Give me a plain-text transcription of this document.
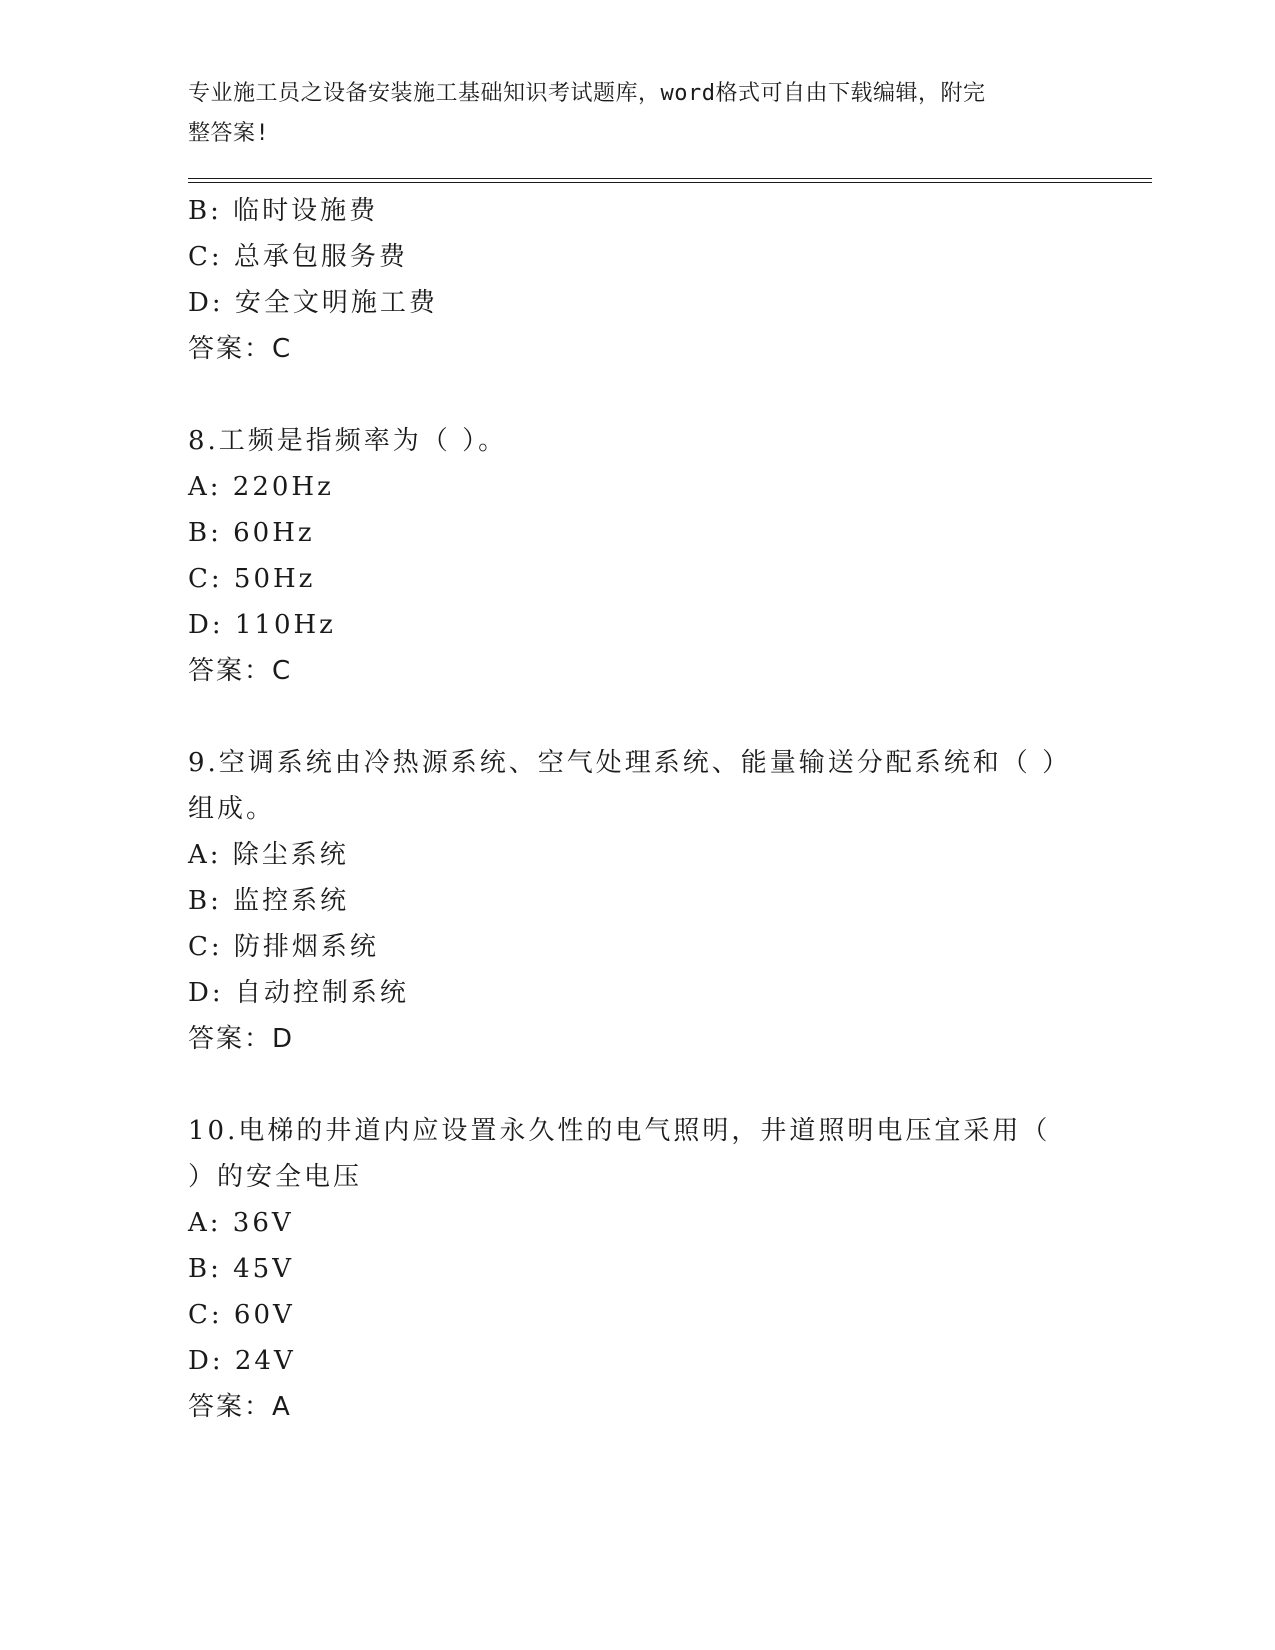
专业施工员之设备安装施工基础知识考试题库，word格式可自由下载编辑，附完
整答案!
B: 临时设施费
C: 总承包服务费
D: 安全文明施工费
答案：C
8.工频是指频率为（ ）。
A: 220Hz
B: 60Hz
C: 50Hz
D: 110Hz
答案：C
9.空调系统由冷热源系统、空气处理系统、能量输送分配系统和（ ）
组成。
A: 除尘系统
B: 监控系统
C: 防排烟系统
D: 自动控制系统
答案：D
10.电梯的井道内应设置永久性的电气照明，井道照明电压宜采用（
）的安全电压
A: 36V
B: 45V
C: 60V
D: 24V
答案：A
